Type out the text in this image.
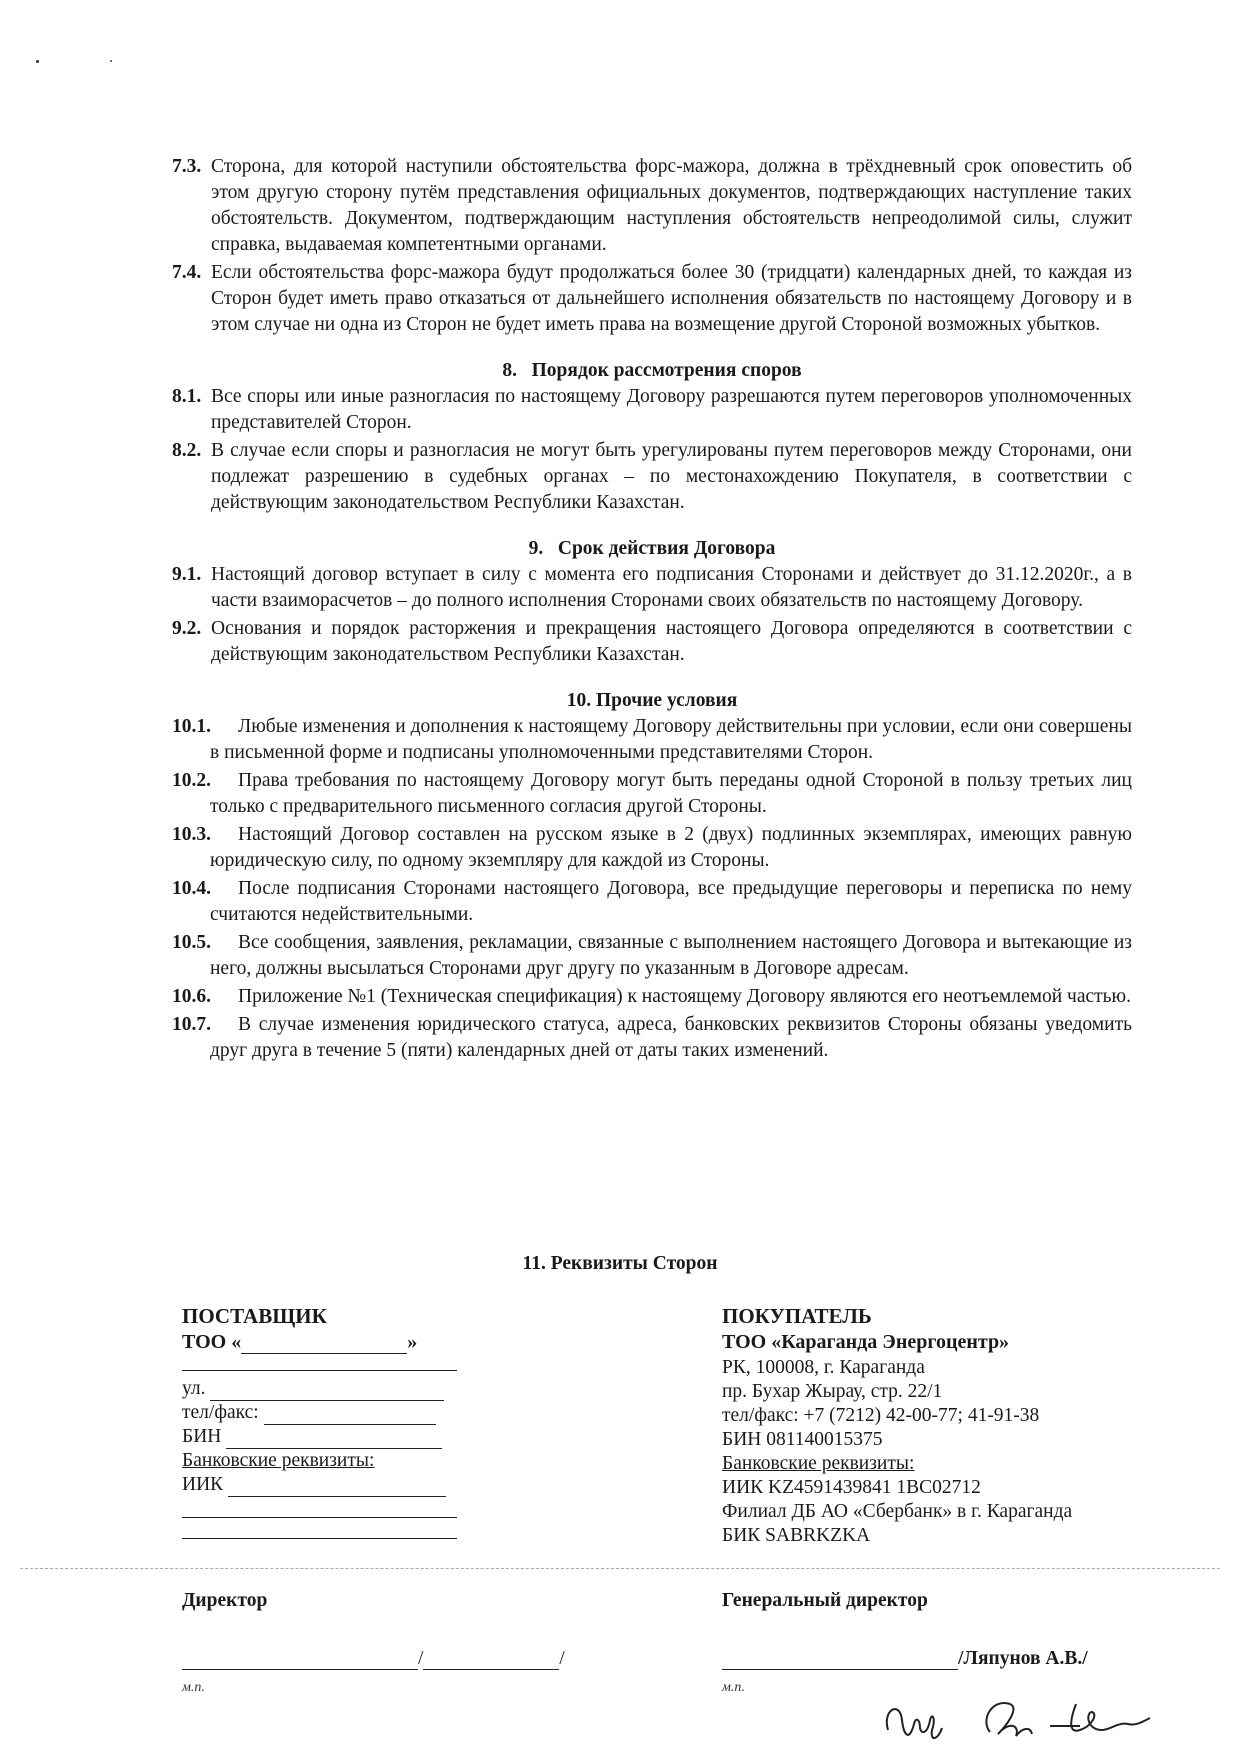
7.3. Сторона, для которой наступили обстоятельства форс-мажора, должна в трёхдневный срок оповестить об этом другую сторону путём представления официальных документов, подтверждающих наступление таких обстоятельств. Документом, подтверждающим наступления обстоятельств непреодолимой силы, служит справка, выдаваемая компетентными органами.
7.4. Если обстоятельства форс-мажора будут продолжаться более 30 (тридцати) календарных дней, то каждая из Сторон будет иметь право отказаться от дальнейшего исполнения обязательств по настоящему Договору и в этом случае ни одна из Сторон не будет иметь права на возмещение другой Стороной возможных убытков.
8.   Порядок рассмотрения споров
8.1. Все споры или иные разногласия по настоящему Договору разрешаются путем переговоров уполномоченных представителей Сторон.
8.2. В случае если споры и разногласия не могут быть урегулированы путем переговоров между Сторонами, они подлежат разрешению в судебных органах – по местонахождению Покупателя, в соответствии с действующим законодательством Республики Казахстан.
9.   Срок действия Договора
9.1. Настоящий договор вступает в силу с момента его подписания Сторонами и действует до 31.12.2020г., а в части взаиморасчетов – до полного исполнения Сторонами своих обязательств по настоящему Договору.
9.2. Основания и порядок расторжения и прекращения настоящего Договора определяются в соответствии с действующим законодательством Республики Казахстан.
10. Прочие условия
10.1.	Любые изменения и дополнения к настоящему Договору действительны при условии, если они совершены в письменной форме и подписаны уполномоченными представителями Сторон.
10.2.	Права требования по настоящему Договору могут быть переданы одной Стороной в пользу третьих лиц только с предварительного письменного согласия другой Стороны.
10.3.	Настоящий Договор составлен на русском языке в 2 (двух) подлинных экземплярах, имеющих равную юридическую силу, по одному экземпляру для каждой из Стороны.
10.4.	После подписания Сторонами настоящего Договора, все предыдущие переговоры и переписка по нему считаются недействительными.
10.5.	Все сообщения, заявления, рекламации, связанные с выполнением настоящего Договора и вытекающие из него, должны высылаться Сторонами друг другу по указанным в Договоре адресам.
10.6.	Приложение №1 (Техническая спецификация) к настоящему Договору являются его неотъемлемой частью.
10.7.	В случае изменения юридического статуса, адреса, банковских реквизитов Стороны обязаны уведомить друг друга в течение 5 (пяти) календарных дней от даты таких изменений.
11. Реквизиты Сторон
ПОСТАВЩИК
ТОО «	»
ул.
тел/факс:
БИН
Банковские реквизиты:
ИИК
ПОКУПАТЕЛЬ
ТОО «Караганда Энергоцентр»
РК, 100008, г. Караганда
пр. Бухар Жырау, стр. 22/1
тел/факс: +7 (7212) 42-00-77; 41-91-38
БИН 081140015375
Банковские реквизиты:
ИИК KZ4591439841 1BC02712
Филиал ДБ АО «Сбербанк» в г. Караганда
БИК SABRKZKA
Директор	Генеральный директор
/	/	/Ляпунов А.В./
м.п.	м.п.
